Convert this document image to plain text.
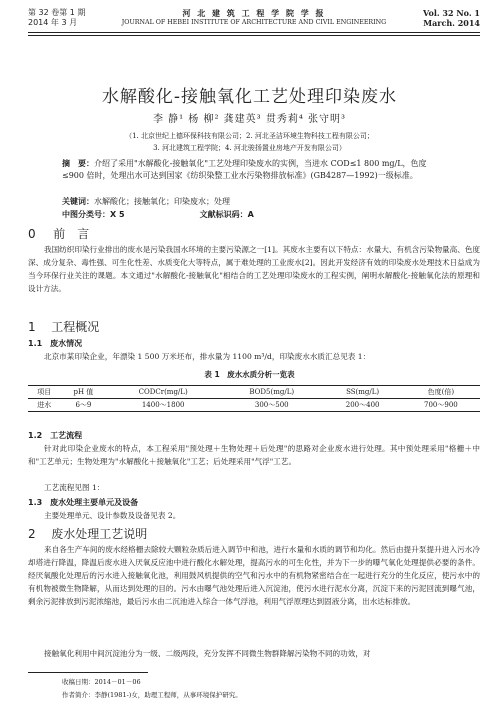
第 32 卷第 1 期
2014 年 3 月
河 北 建 筑 工 程 学 院 学 报
JOURNAL OF HEBEI INSTITUTE OF ARCHITECTURE AND CIVIL ENGINEERING
Vol. 32 No. 1
March. 2014
水解酸化-接触氧化工艺处理印染废水
李 静¹ 杨 柳² 龚建英³ 贯秀莉⁴ 张守明³
（1. 北京世纪上德环保科技有限公司；2. 河北圣洁环境生物科技工程有限公司；
3. 河北建筑工程学院；4. 河北骏扬置业房地产开发有限公司）
摘　要：介绍了采用"水解酸化-接触氧化"工艺处理印染废水的实例，当进水 COD≤1 800 mg/L，色度≤900 倍时，处理出水可达到国家《纺织染整工业水污染物排放标准》(GB4287—1992)一级标准。
关键词：水解酸化；接触氧化；印染废水；处理
中图分类号：X 5	文献标识码：A
0 前　言
我国纺织印染行业排出的废水是污染我国水环境的主要污染源之一[1]。其废水主要有以下特点：水量大、有机含污染物量高、色度深、成分复杂、毒性强、可生化性差、水质变化大等特点，属于难处理的工业废水[2]。因此开发经济有效的印染废水处理技术日益成为当今环保行业关注的课题。本文通过"水解酸化-接触氧化"相结合的工艺处理印染废水的工程实例，阐明水解酸化-接触氧化法的原理和设计方法。
1 工程概况
1.1　废水情况
北京市某印染企业，年漂染 1 500 万米坯布，排水量为 1100 m³/d，印染废水水质汇总见表 1：
表 1　废水水质分析一览表
项目	pH 值	CODCr(mg/L)	BOD5(mg/L)	SS(mg/L)	色度(倍)
进水	6～9	1400～1800	300～500	200～400	700～900
1.2　工艺流程
针对此印染企业废水的特点，本工程采用"预处理＋生物处理＋后处理"的思路对企业废水进行处理。其中预处理采用"格栅＋中和"工艺单元；生物处理为"水解酸化＋接触氧化"工艺；后处理采用"气浮"工艺。
工艺流程见图 1：
1.3　废水处理主要单元及设备
主要处理单元、设计参数及设备见表 2。
2 废水处理工艺说明
来自各生产车间的废水经格栅去除较大颗粒杂质后进入调节中和池，进行水量和水质的调节和均化。然后由提升泵提升进入污水冷却塔进行降温，降温后废水进入厌氧反应池中进行酸化水解处理，提高污水的可生化性，并为下一步的曝气氧化处理提供必要的条件。经厌氧酸化处理后的污水进入接触氧化池，利用鼓风机提供的空气和污水中的有机物紧密结合在一起进行充分的生化反应，使污水中的有机物被微生物降解，从而达到处理的目的。污水由曝气池处理后进入沉淀池，使污水进行泥水分离，沉淀下来的污泥回流到曝气池，剩余污泥排放到污泥浓缩池，最后污水由二沉池进入综合一体气浮池，利用气浮原理达到固液分离，出水达标排放。
接触氧化利用中间沉淀池分为一级、二级两段，充分发挥不同微生物群降解污染物不同的功效，对
收稿日期：2014－01－06
作者简介：李静(1981-)女，助理工程师，从事环境保护研究。
